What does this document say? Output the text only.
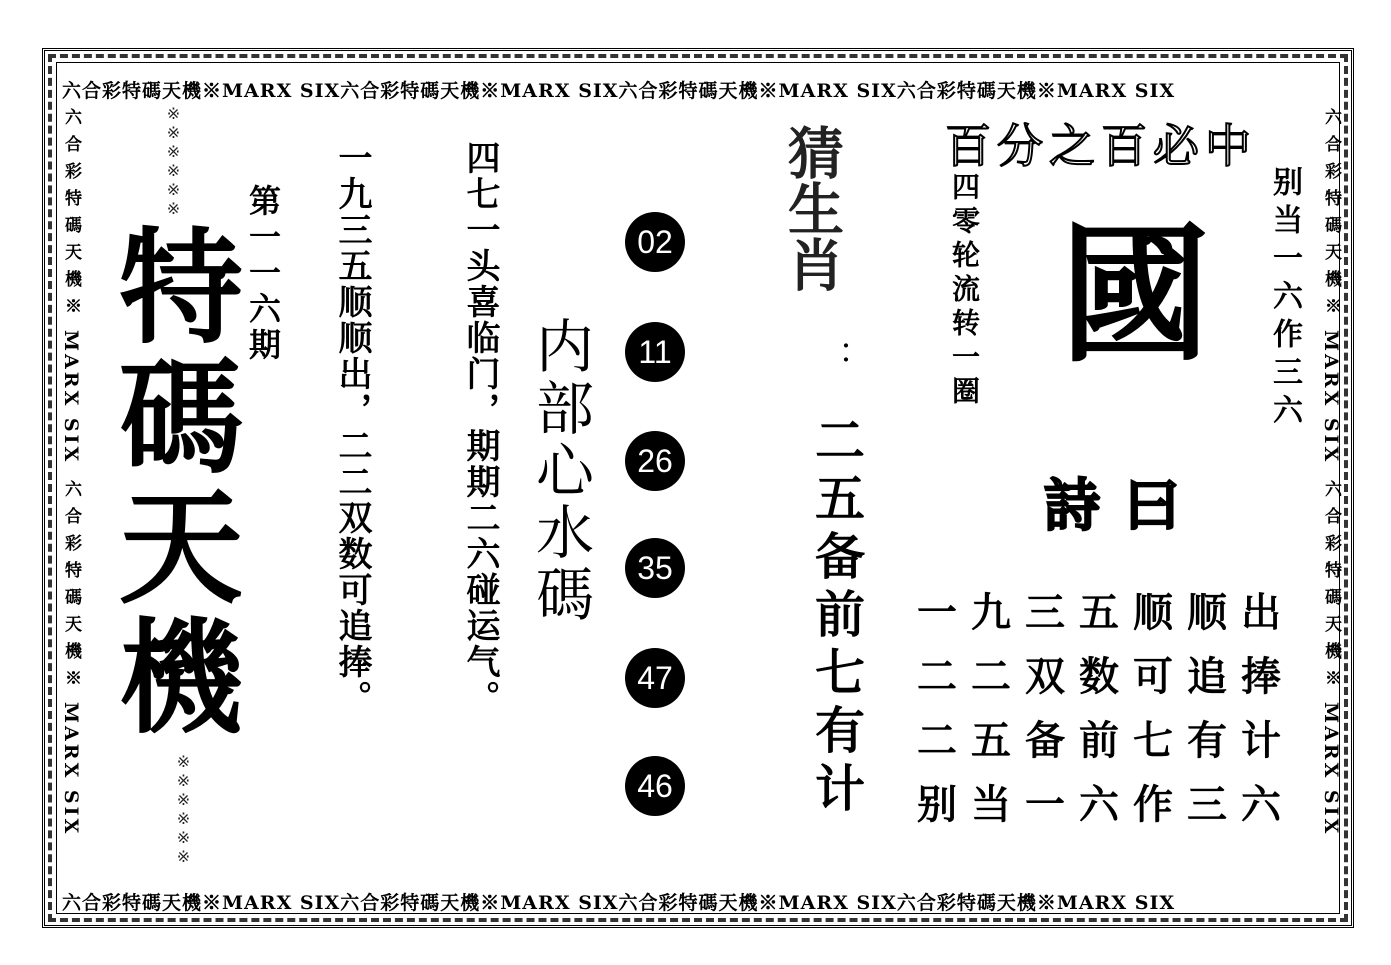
六合彩特碼天機※MARX SIX六合彩特碼天機※MARX SIX六合彩特碼天機※MARX SIX六合彩特碼天機※MARX SIX
六合彩特碼天機※MARX SIX六合彩特碼天機※MARX SIX六合彩特碼天機※MARX SIX六合彩特碼天機※MARX SIX
六合彩特碼天機※
MARX SIX
六合彩特碼天機※
MARX SIX
六合彩特碼天機※
MARX SIX
六合彩特碼天機※
MARX SIX
※※※※※※
※※※※※※
特碼天機 第一一六期 一九三五顺顺出，二二双数可追捧。	四七一头喜临门，期期二六碰运气。 内部心水碼
02
11
26
35
47
46
猜生肖
：
二五备前七有计
百分之百必中
四零轮流转一圈 國 别当一六作三六
詩曰
一 九 三 五 顺 顺 出
二 二 双 数 可 追 捧
二 五 备 前 七 有 计
别 当 一 六 作 三 六
